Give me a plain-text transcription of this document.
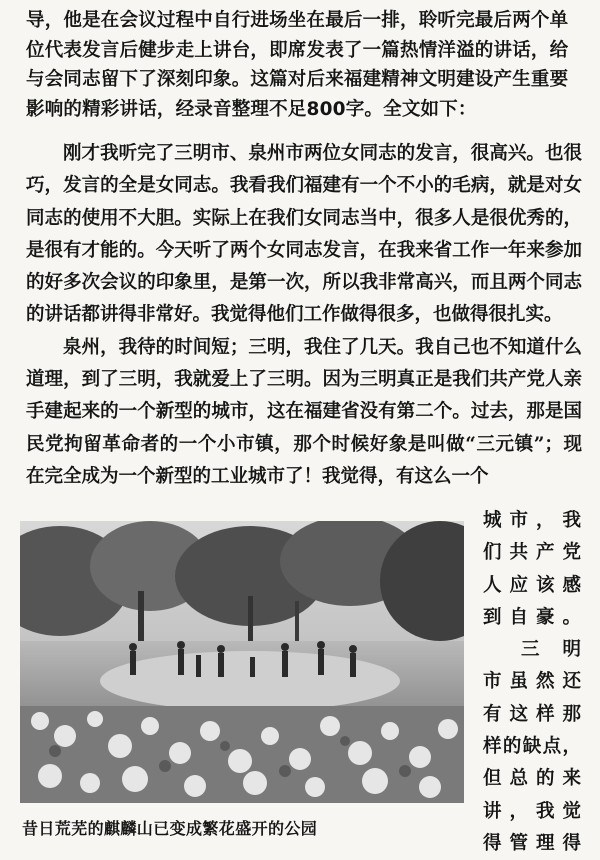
导，他是在会议过程中自行进场坐在最后一排，聆听完最后两个单位代表发言后健步走上讲台，即席发表了一篇热情洋溢的讲话，给与会同志留下了深刻印象。这篇对后来福建精神文明建设产生重要影响的精彩讲话，经录音整理不足800字。全文如下：

刚才我听完了三明市、泉州市两位女同志的发言，很高兴。也很巧，发言的全是女同志。我看我们福建有一个不小的毛病，就是对女同志的使用不大胆。实际上在我们女同志当中，很多人是很优秀的，是很有才能的。今天听了两个女同志发言，在我来省工作一年来参加的好多次会议的印象里，是第一次，所以我非常高兴，而且两个同志的讲话都讲得非常好。我觉得他们工作做得很多，也做得很扎实。

泉州，我待的时间短；三明，我住了几天。我自己也不知道什么道理，到了三明，我就爱上了三明。因为三明真正是我们共产党人亲手建起来的一个新型的城市，这在福建省没有第二个。过去，那是国民党拘留革命者的一个小市镇，那个时候好象是叫做“三元镇”；现在完全成为一个新型的工业城市了！我觉得，有这么一个

昔日荒芜的麒麟山已变成繁花盛开的公园
城市，我
们共产党
人应该感
到自豪。
三明
市虽然还
有这样那
样的缺点，
但总的来
讲，我觉
得管理得
